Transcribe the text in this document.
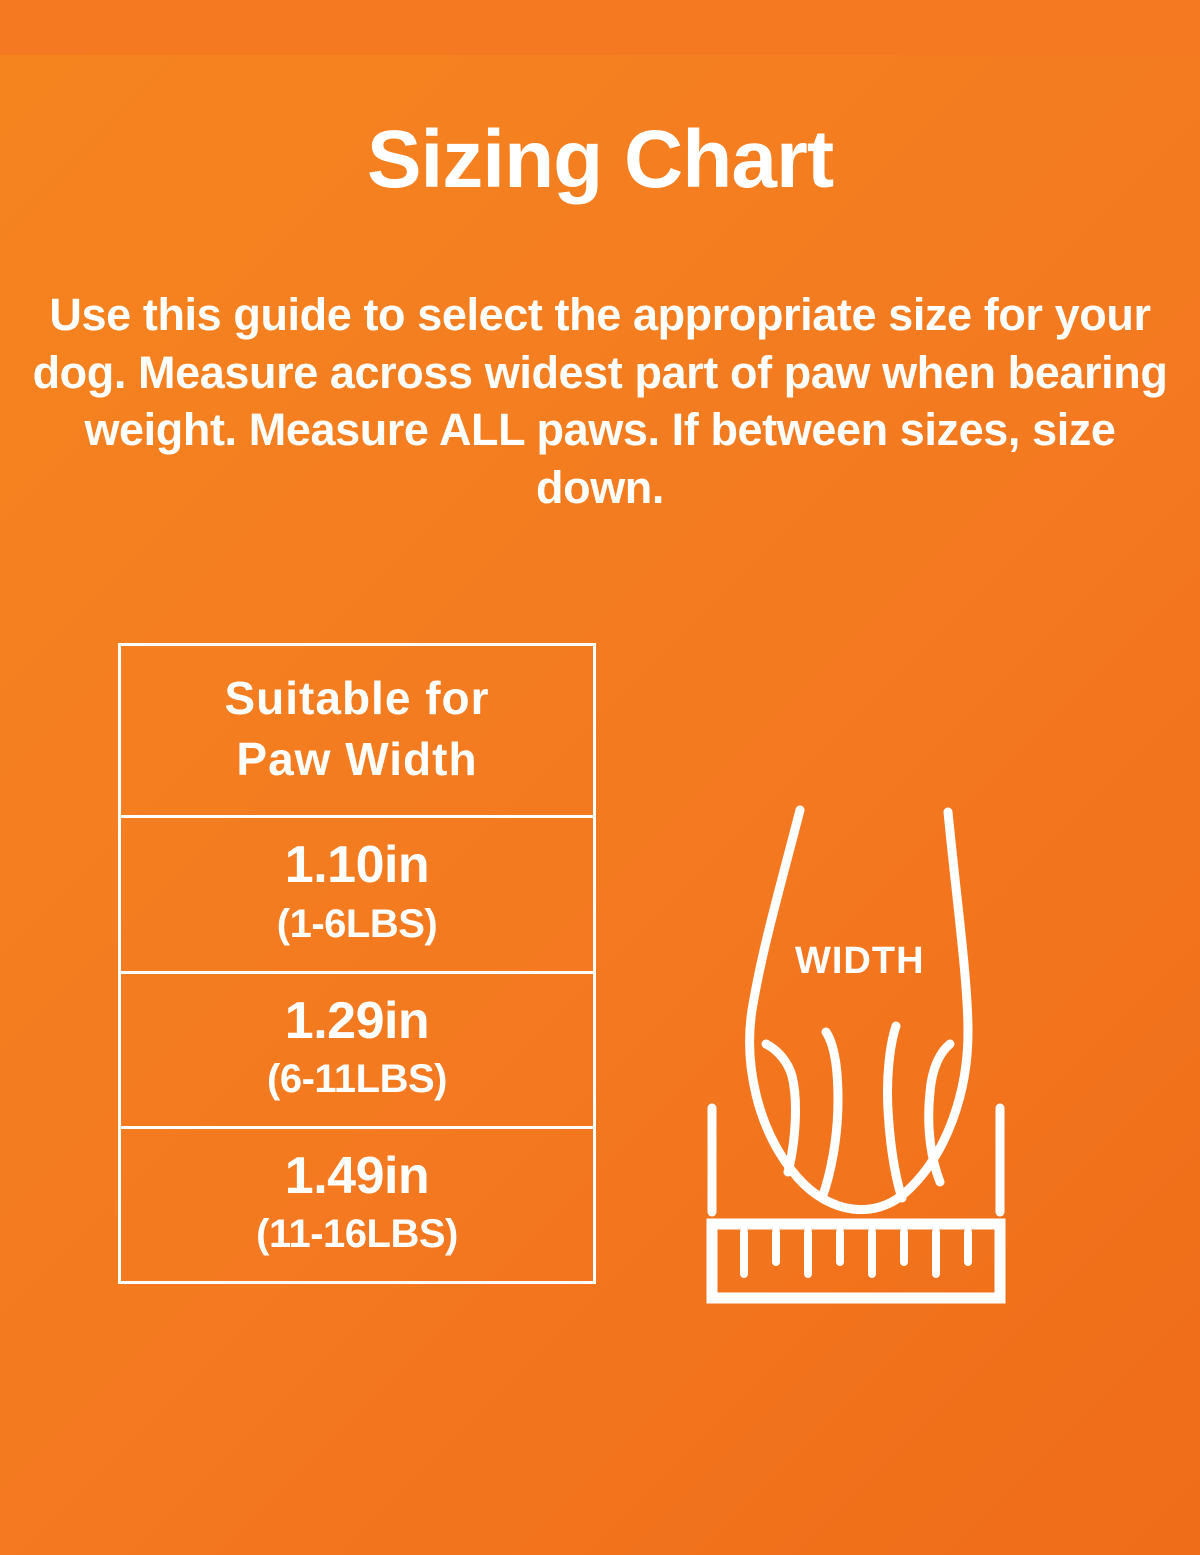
Sizing Chart

Use this guide to select the appropriate size for your dog. Measure across widest part of paw when bearing weight. Measure ALL paws. If between sizes, size down.

Suitable for
Paw Width
1.10in
(1-6LBS)
1.29in
(6-11LBS)
1.49in
(11-16LBS)
WIDTH
